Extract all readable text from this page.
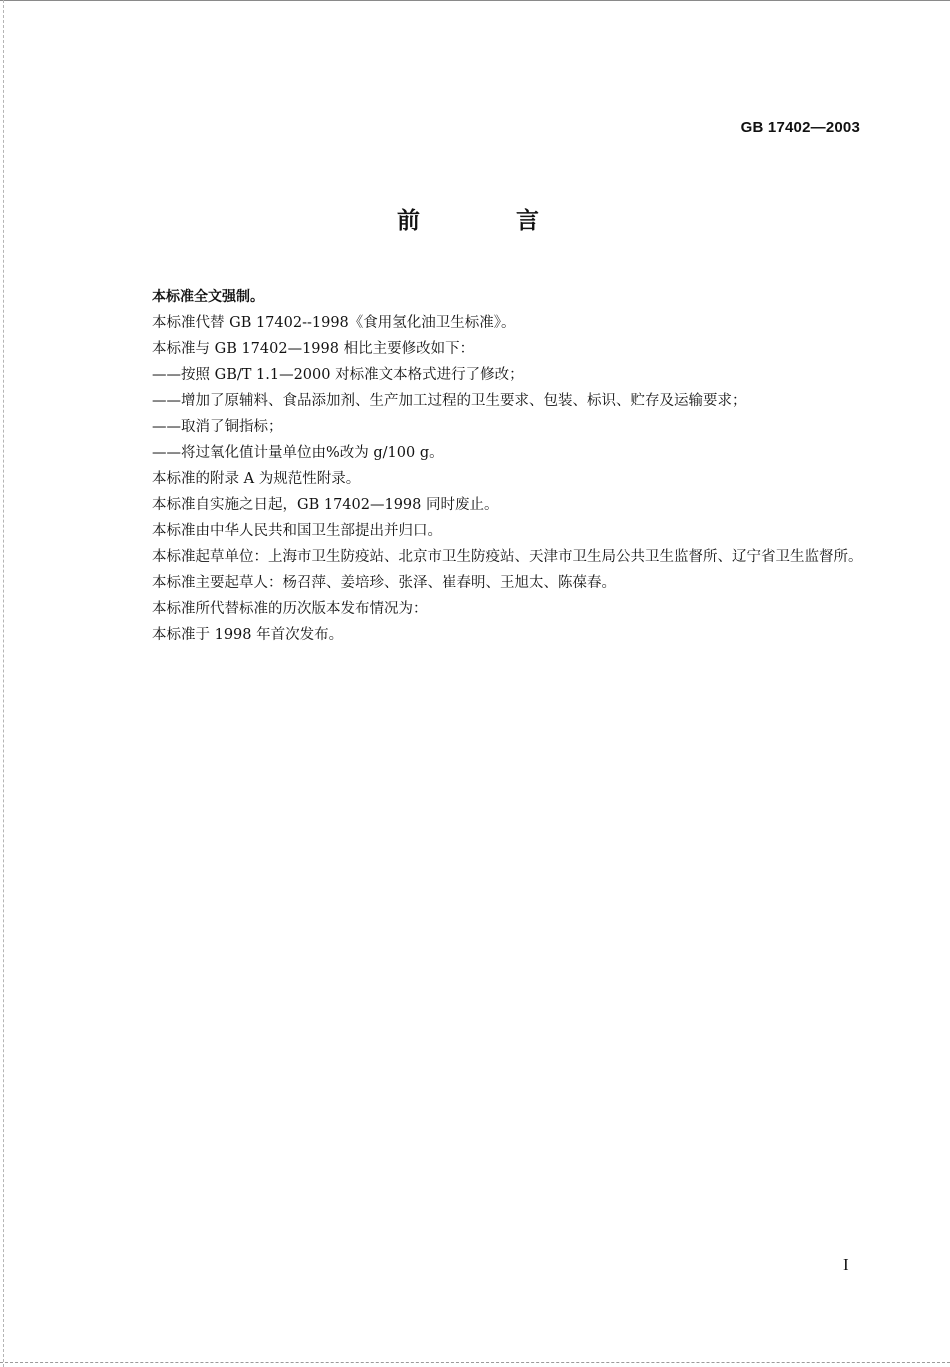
GB 17402—2003
前 言

本标准全文强制。

本标准代替 GB 17402--1998《食用氢化油卫生标准》。

本标准与 GB 17402—1998 相比主要修改如下：

——按照 GB/T 1.1—2000 对标准文本格式进行了修改；

——增加了原辅料、食品添加剂、生产加工过程的卫生要求、包装、标识、贮存及运输要求；

——取消了铜指标；

——将过氧化值计量单位由%改为 g/100 g。

本标准的附录 A 为规范性附录。

本标准自实施之日起，GB 17402—1998 同时废止。

本标准由中华人民共和国卫生部提出并归口。

本标准起草单位：上海市卫生防疫站、北京市卫生防疫站、天津市卫生局公共卫生监督所、辽宁省卫生监督所。

本标准主要起草人：杨召萍、姜培珍、张泽、崔春明、王旭太、陈葆春。

本标准所代替标准的历次版本发布情况为：

本标准于 1998 年首次发布。

I
